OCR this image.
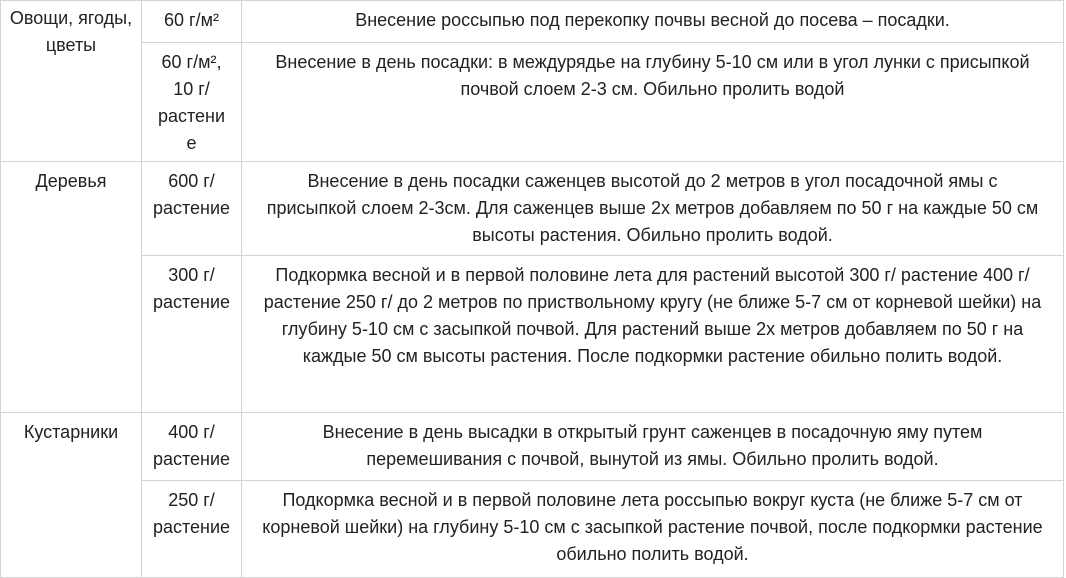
Овощи, ягоды, цветы	60 г/м²	Внесение россыпью под перекопку почвы весной до посева – посадки.
	60 г/м², 10 г/ растение	Внесение в день посадки: в междурядье на глубину 5-10 см или в угол лунки с присыпкой почвой слоем 2-3 см. Обильно пролить водой
Деревья	600 г/ растение	Внесение в день посадки саженцев высотой до 2 метров в угол посадочной ямы с присыпкой слоем 2-3см. Для саженцев выше 2х метров добавляем по 50 г на каждые 50 см высоты растения. Обильно пролить водой.
	300 г/ растение	Подкормка весной и в первой половине лета для растений высотой 300 г/ растение 400 г/ растение 250 г/ до 2 метров по приствольному кругу (не ближе 5-7 см от корневой шейки) на глубину 5-10 см с засыпкой почвой. Для растений выше 2х метров добавляем по 50 г на каждые 50 см высоты растения. После подкормки растение обильно полить водой.
Кустарники	400 г/ растение	Внесение в день высадки в открытый грунт саженцев в посадочную яму путем перемешивания с почвой, вынутой из ямы. Обильно пролить водой.
	250 г/ растение	Подкормка весной и в первой половине лета россыпью вокруг куста (не ближе 5-7 см от корневой шейки) на глубину 5-10 см с засыпкой растение почвой, после подкормки растение обильно полить водой.
